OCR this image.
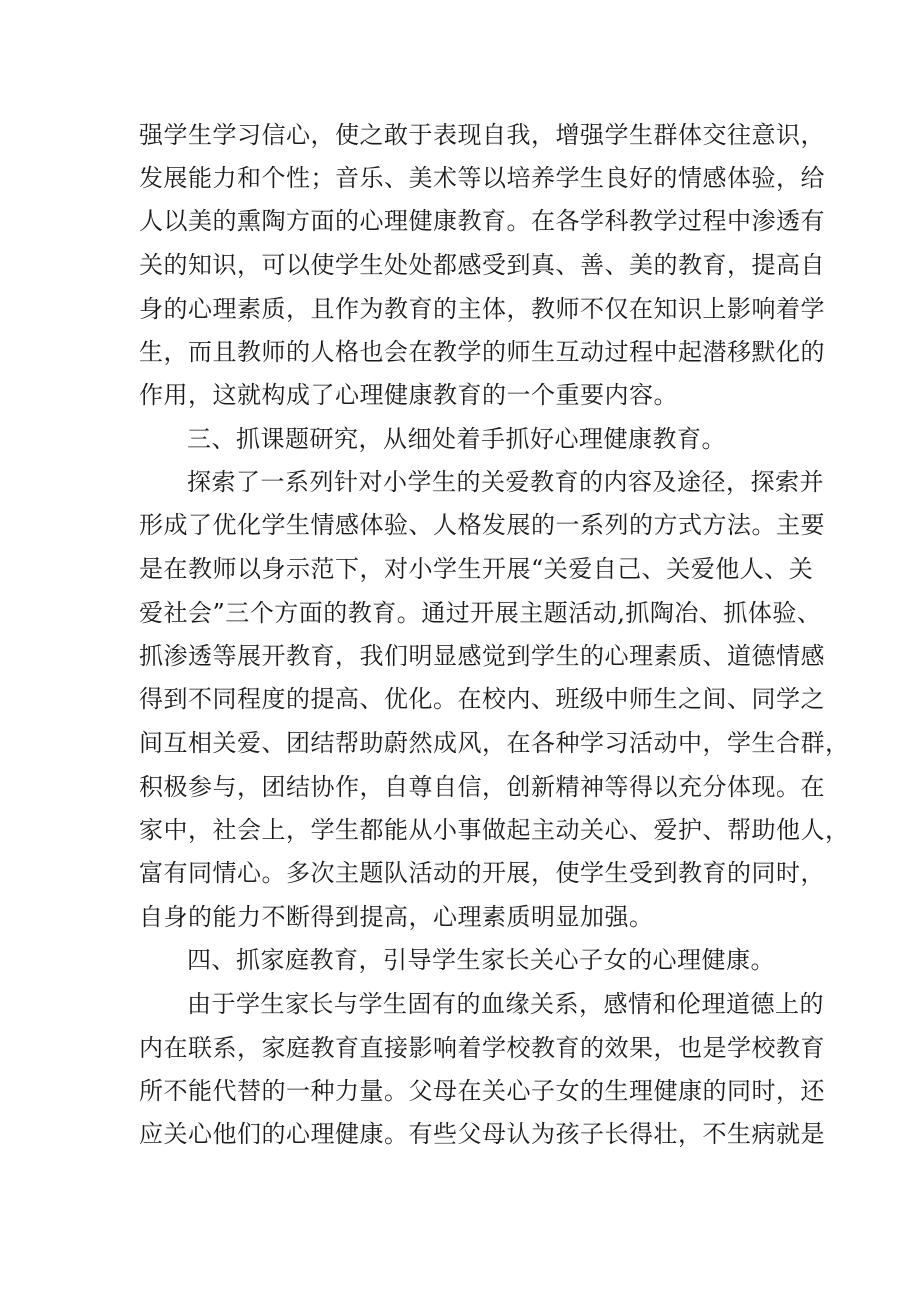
强学生学习信心，使之敢于表现自我，增强学生群体交往意识，
发展能力和个性；音乐、美术等以培养学生良好的情感体验，给
人以美的熏陶方面的心理健康教育。在各学科教学过程中渗透有
关的知识，可以使学生处处都感受到真、善、美的教育，提高自
身的心理素质，且作为教育的主体，教师不仅在知识上影响着学
生，而且教师的人格也会在教学的师生互动过程中起潜移默化的
作用，这就构成了心理健康教育的一个重要内容。
三、抓课题研究，从细处着手抓好心理健康教育。
探索了一系列针对小学生的关爱教育的内容及途径，探索并
形成了优化学生情感体验、人格发展的一系列的方式方法。主要
是在教师以身示范下，对小学生开展“关爱自己、关爱他人、关
爱社会”三个方面的教育。通过开展主题活动,抓陶冶、抓体验、
抓渗透等展开教育，我们明显感觉到学生的心理素质、道德情感
得到不同程度的提高、优化。在校内、班级中师生之间、同学之
间互相关爱、团结帮助蔚然成风，在各种学习活动中，学生合群，
积极参与，团结协作，自尊自信，创新精神等得以充分体现。在
家中，社会上，学生都能从小事做起主动关心、爱护、帮助他人，
富有同情心。多次主题队活动的开展，使学生受到教育的同时，
自身的能力不断得到提高，心理素质明显加强。
四、抓家庭教育，引导学生家长关心子女的心理健康。
由于学生家长与学生固有的血缘关系，感情和伦理道德上的
内在联系，家庭教育直接影响着学校教育的效果，也是学校教育
所不能代替的一种力量。父母在关心子女的生理健康的同时，还
应关心他们的心理健康。有些父母认为孩子长得壮，不生病就是
